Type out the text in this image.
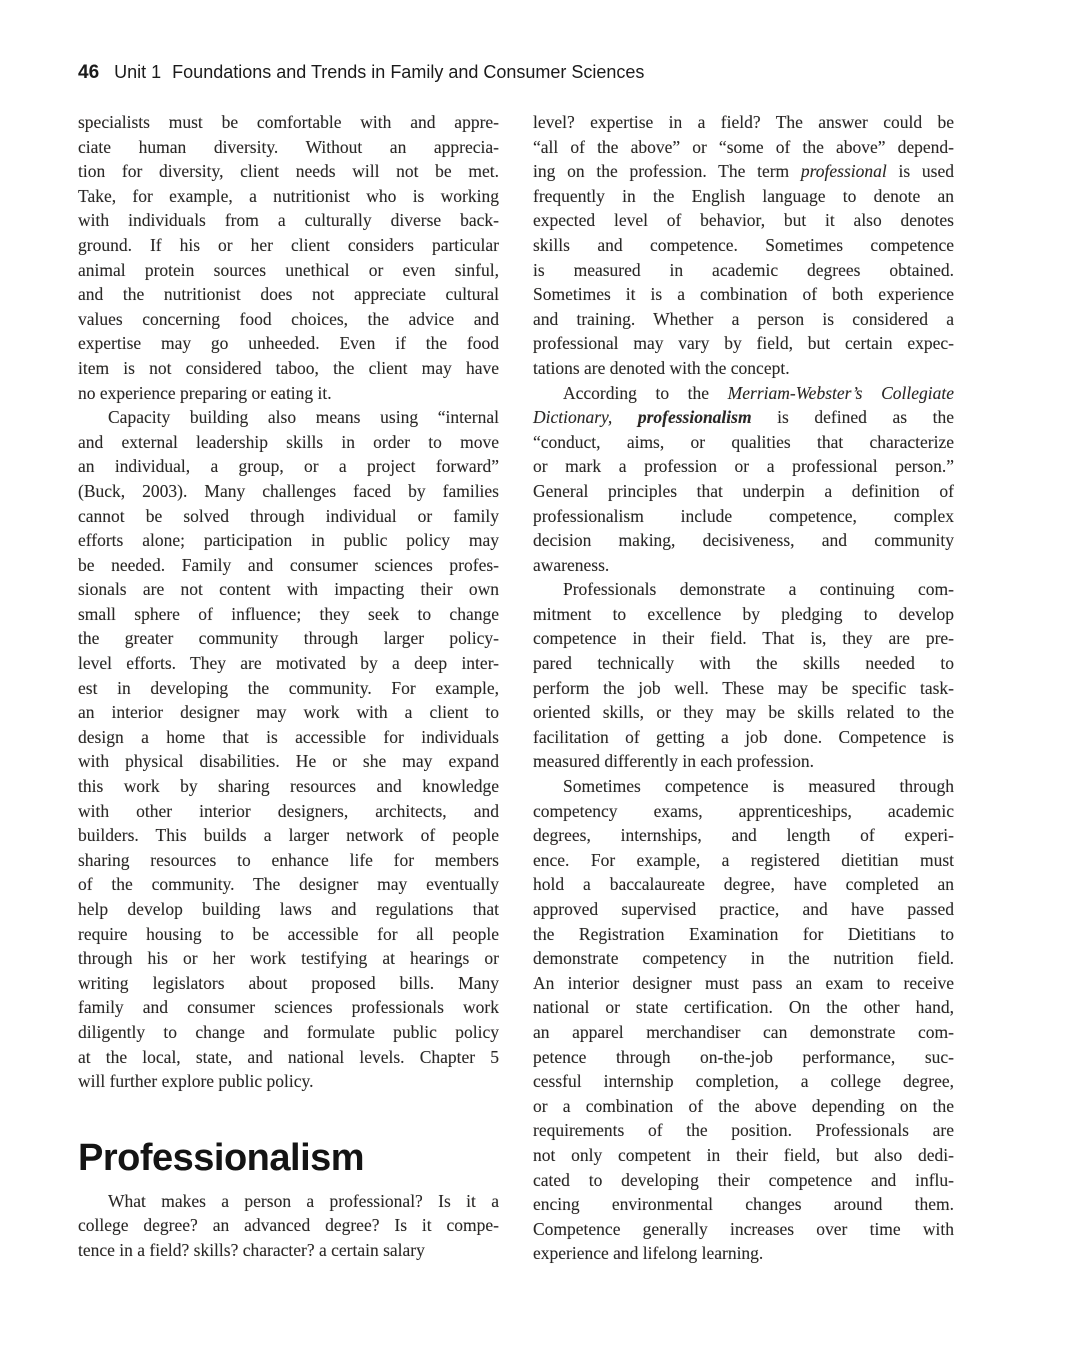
46 Unit 1 Foundations and Trends in Family and Consumer Sciences
specialists must be comfortable with and appre-
ciate human diversity. Without an apprecia-
tion for diversity, client needs will not be met.
Take, for example, a nutritionist who is working
with individuals from a culturally diverse back-
ground. If his or her client considers particular
animal protein sources unethical or even sinful,
and the nutritionist does not appreciate cultural
values concerning food choices, the advice and
expertise may go unheeded. Even if the food
item is not considered taboo, the client may have
no experience preparing or eating it.
Capacity building also means using “internal
and external leadership skills in order to move
an individual, a group, or a project forward”
(Buck, 2003). Many challenges faced by families
cannot be solved through individual or family
efforts alone; participation in public policy may
be needed. Family and consumer sciences profes-
sionals are not content with impacting their own
small sphere of influence; they seek to change
the greater community through larger policy-
level efforts. They are motivated by a deep inter-
est in developing the community. For example,
an interior designer may work with a client to
design a home that is accessible for individuals
with physical disabilities. He or she may expand
this work by sharing resources and knowledge
with other interior designers, architects, and
builders. This builds a larger network of people
sharing resources to enhance life for members
of the community. The designer may eventually
help develop building laws and regulations that
require housing to be accessible for all people
through his or her work testifying at hearings or
writing legislators about proposed bills. Many
family and consumer sciences professionals work
diligently to change and formulate public policy
at the local, state, and national levels. Chapter 5
will further explore public policy.
Professionalism
What makes a person a professional? Is it a
college degree? an advanced degree? Is it compe-
tence in a field? skills? character? a certain salary
level? expertise in a field? The answer could be
“all of the above” or “some of the above” depend-
ing on the profession. The term professional is used
frequently in the English language to denote an
expected level of behavior, but it also denotes
skills and competence. Sometimes competence
is measured in academic degrees obtained.
Sometimes it is a combination of both experience
and training. Whether a person is considered a
professional may vary by field, but certain expec-
tations are denoted with the concept.
According to the Merriam-Webster’s Collegiate
Dictionary, professionalism is defined as the
“conduct, aims, or qualities that characterize
or mark a profession or a professional person.”
General principles that underpin a definition of
professionalism include competence, complex
decision making, decisiveness, and community
awareness.
Professionals demonstrate a continuing com-
mitment to excellence by pledging to develop
competence in their field. That is, they are pre-
pared technically with the skills needed to
perform the job well. These may be specific task-
oriented skills, or they may be skills related to the
facilitation of getting a job done. Competence is
measured differently in each profession.
Sometimes competence is measured through
competency exams, apprenticeships, academic
degrees, internships, and length of experi-
ence. For example, a registered dietitian must
hold a baccalaureate degree, have completed an
approved supervised practice, and have passed
the Registration Examination for Dietitians to
demonstrate competency in the nutrition field.
An interior designer must pass an exam to receive
national or state certification. On the other hand,
an apparel merchandiser can demonstrate com-
petence through on-the-job performance, suc-
cessful internship completion, a college degree,
or a combination of the above depending on the
requirements of the position. Professionals are
not only competent in their field, but also dedi-
cated to developing their competence and influ-
encing environmental changes around them.
Competence generally increases over time with
experience and lifelong learning.
